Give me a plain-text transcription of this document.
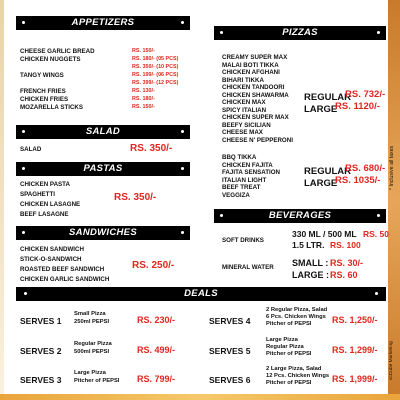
APPETIZERS
CHEESE GARLIC BREAD	RS. 150/-
CHICKEN NUGGETS	RS. 180/- (05 PCS)
RS. 350/- (10 PCS)
TANGY WINGS	RS. 199/- (06 PCS)
RS. 399/- (12 PCS)
FRENCH FRIES	RS. 130/-
CHICKEN FRIES	RS. 180/-
MOZARELLA STICKS	RS. 150/-
SALAD
SALAD	RS. 350/-
PASTAS
CHICKEN PASTA
SPAGHETTI
CHICKEN LASAGNE
BEEF LASAGNE
RS. 350/-
SANDWICHES
CHICKEN SANDWICH
STICK-O-SANDWICH
ROASTED BEEF SANDWICH
CHICKEN GARLIC SANDWICH
RS. 250/-
PIZZAS
CREAMY SUPER MAX
MALAI BOTI TIKKA
CHICKEN AFGHANI
BIHARI TIKKA
CHICKEN TANDOORI
CHICKEN SHAWARMA
CHICKEN MAX
SPICY ITALIAN
CHICKEN SUPER MAX
BEEFY SICILIAN
CHEESE MAX
CHEESE N' PEPPERONI
REGULAR
RS. 732/-
LARGE
RS. 1120/-
BBQ TIKKA
CHICKEN FAJITA
FAJITA SENSATION
ITALIAN LIGHT
BEEF TREAT
VEGGIZA
REGULAR
RS. 680/-
LARGE
RS. 1035/- * Inclusive all taxes
BEVERAGES
SOFT DRINKS
330 ML / 500 ML RS. 50
1.5 LTR. RS. 100
MINERAL WATER SMALL : RS. 30/-
LARGE : RS. 60
DEALS
SERVES 1
Small Pizza
250ml PEPSI	RS. 230/-
SERVES 2
Regular Pizza
500ml PEPSI	RS. 499/-
SERVES 3
Large Pizza
Pitcher of PEPSI RS. 799/-
SERVES 4
2 Regular Pizza, Salad
6 Pcs. Chicken Wings
Pitcher of PEPSI RS. 1,250/-
SERVES 5
Large Pizza
Regular Pizza
Pitcher of PEPSI RS. 1,299/-
SERVES 6
2 Large Pizza, Salad
12 Pcs. Chicken Wings
Pitcher of PEPSI RS. 1,999/- vcCube Marketing
